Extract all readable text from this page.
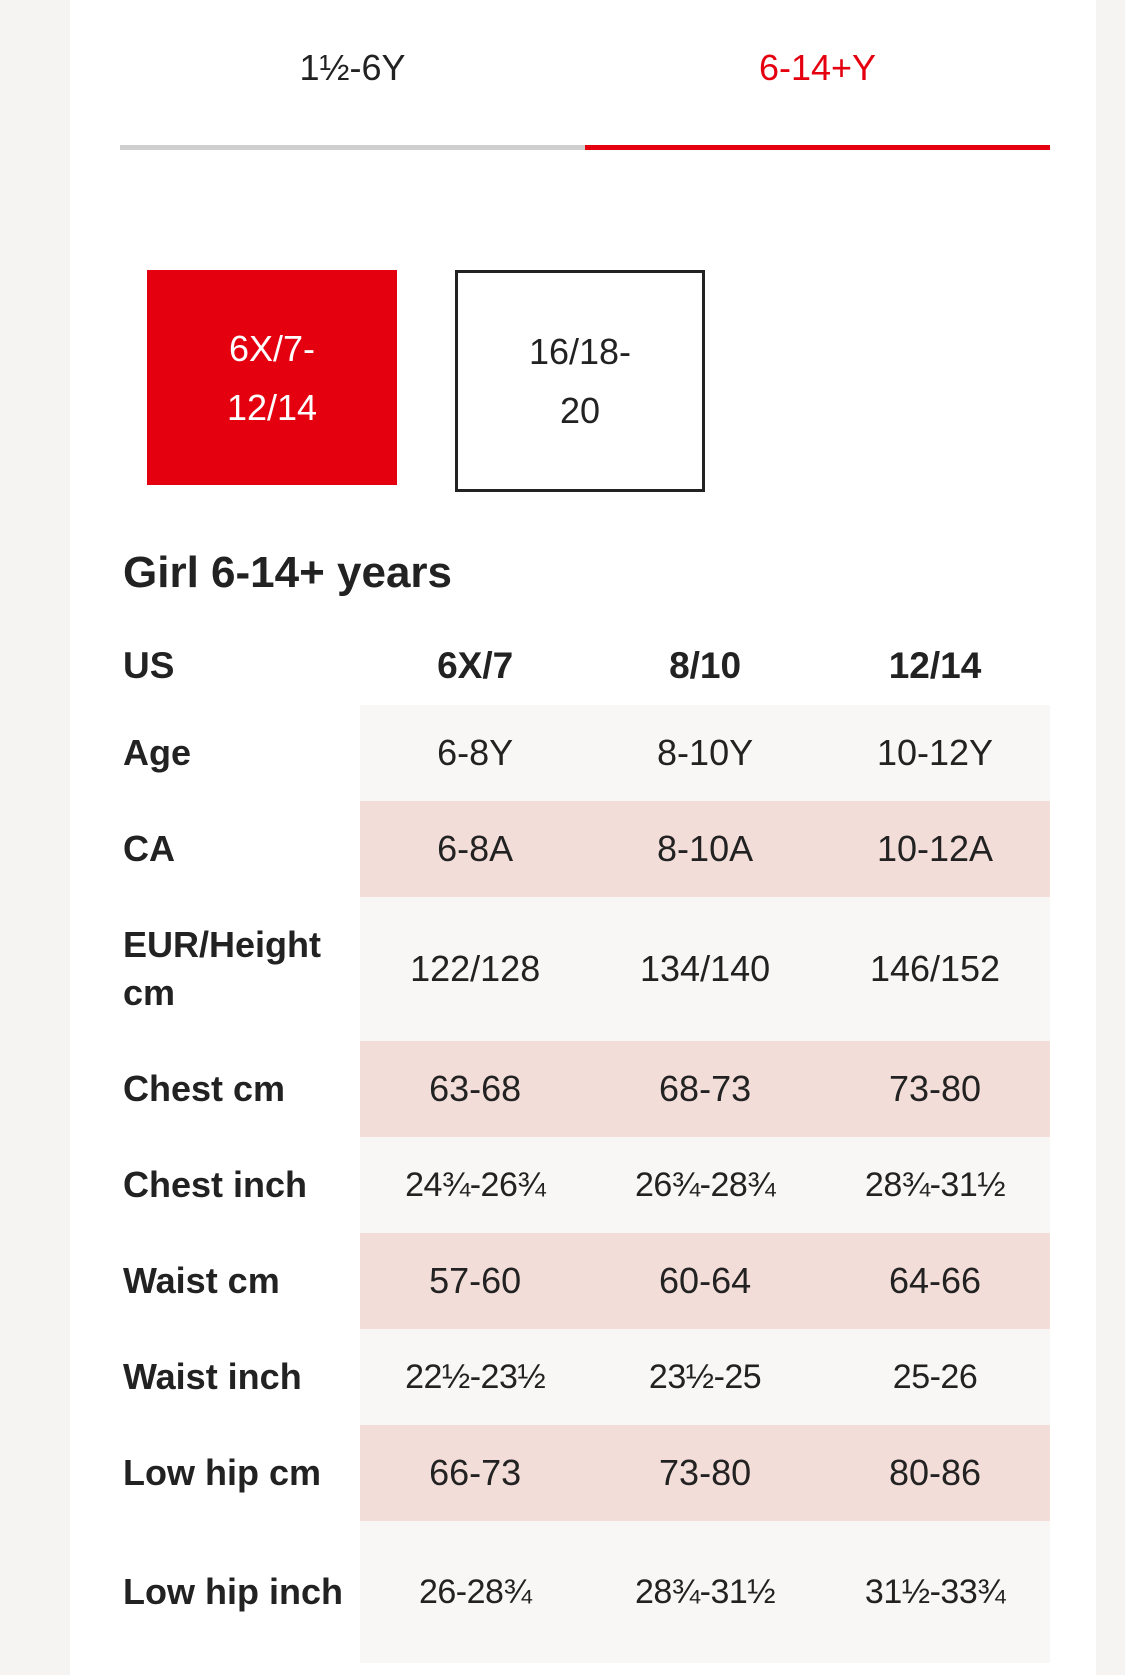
1½-6Y	6-14+Y
6X/7-
12/14
16/18-
20
Girl 6-14+ years
US	6X/7	8/10	12/14
Age	6-8Y	8-10Y	10-12Y
CA	6-8A	8-10A	10-12A
EUR/Height cm	122/128	134/140	146/152
Chest cm	63-68	68-73	73-80
Chest inch	24¾-26¾	26¾-28¾	28¾-31½
Waist cm	57-60	60-64	64-66
Waist inch	22½-23½	23½-25	25-26
Low hip cm	66-73	73-80	80-86
Low hip inch	26-28¾	28¾-31½	31½-33¾
